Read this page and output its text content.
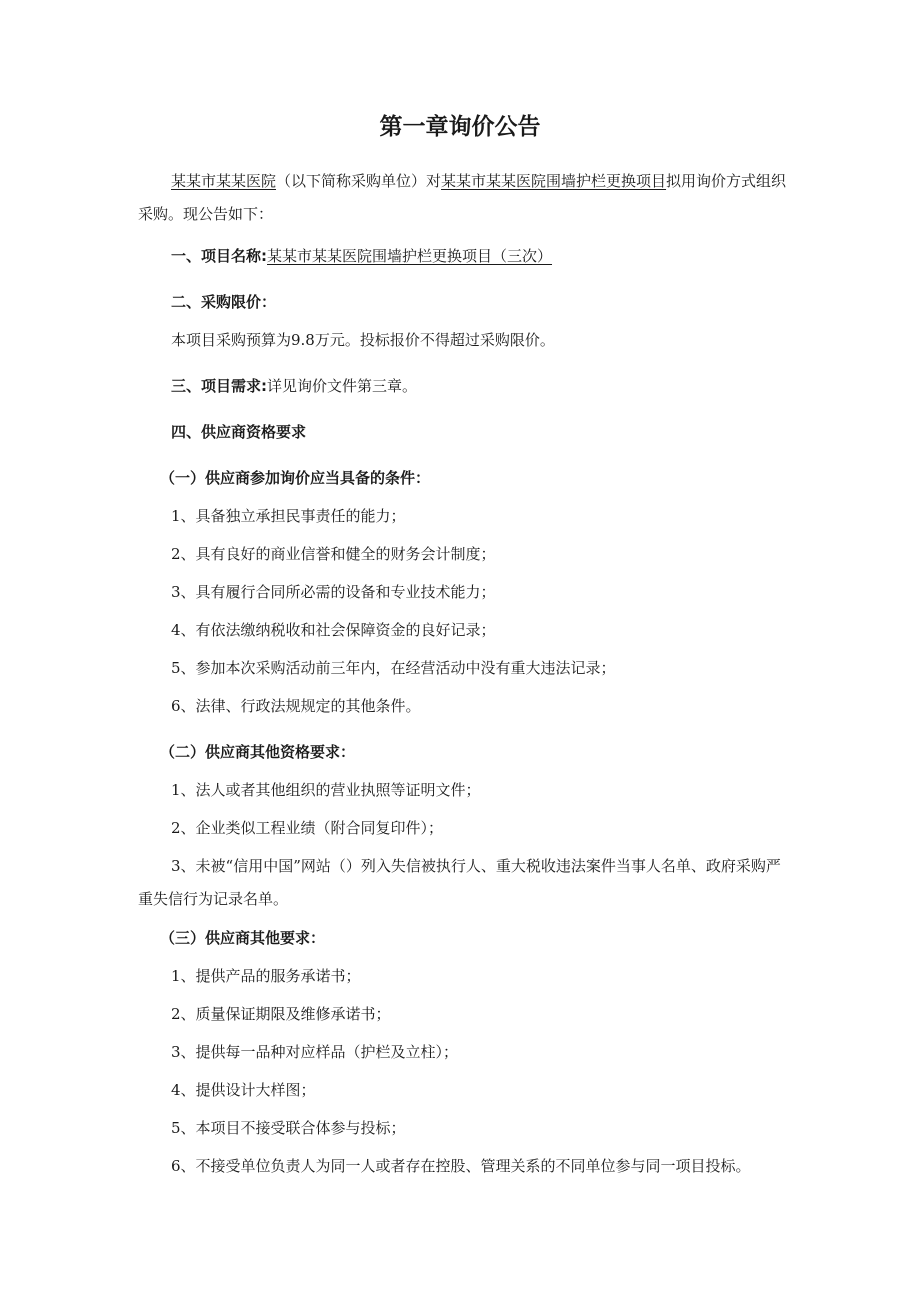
第一章询价公告
某某市某某医院（以下简称采购单位）对某某市某某医院围墙护栏更换项目拟用询价方式组织采购。现公告如下：
一、项目名称:某某市某某医院围墙护栏更换项目（三次）
二、采购限价：
本项目采购预算为9.8万元。投标报价不得超过采购限价。
三、项目需求:详见询价文件第三章。
四、供应商资格要求
（一）供应商参加询价应当具备的条件：
1、具备独立承担民事责任的能力；
2、具有良好的商业信誉和健全的财务会计制度；
3、具有履行合同所必需的设备和专业技术能力；
4、有依法缴纳税收和社会保障资金的良好记录；
5、参加本次采购活动前三年内，在经营活动中没有重大违法记录；
6、法律、行政法规规定的其他条件。
（二）供应商其他资格要求：
1、法人或者其他组织的营业执照等证明文件；
2、企业类似工程业绩（附合同复印件）；
3、未被“信用中国”网站（）列入失信被执行人、重大税收违法案件当事人名单、政府采购严重失信行为记录名单。
（三）供应商其他要求：
1、提供产品的服务承诺书；
2、质量保证期限及维修承诺书；
3、提供每一品种对应样品（护栏及立柱）；
4、提供设计大样图；
5、本项目不接受联合体参与投标；
6、不接受单位负责人为同一人或者存在控股、管理关系的不同单位参与同一项目投标。
